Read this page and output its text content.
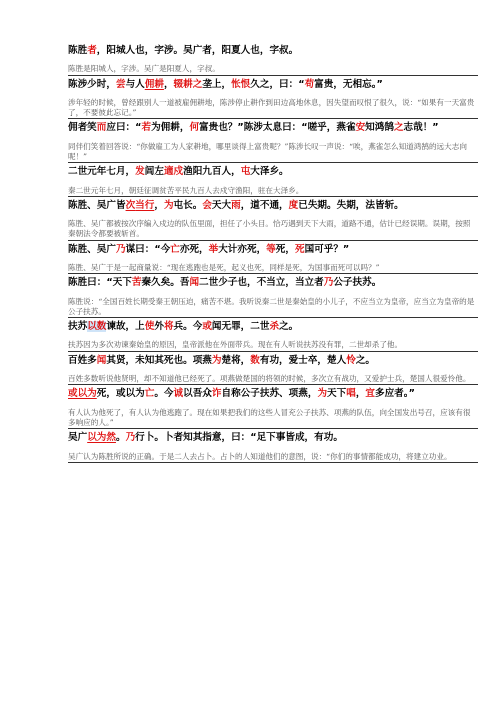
陈胜者，阳城人也，字涉。吴广者，阳夏人也，字叔。
陈胜是阳城人，字涉。吴广是阳夏人，字叔。
陈涉少时，尝与人佣耕，辍耕之垄上，怅恨久之，曰：“苟富贵，无相忘。”
涉年轻的时候，曾经跟别人一道被雇佣耕地，陈涉停止耕作到田边高地休息，因失望而叹恨了很久，说：“如果有一天富贵了，不要彼此忘记。”
佣者笑而应曰：“若为佣耕，何富贵也？”陈涉太息曰：“嗟乎，燕雀安知鸿鹄之志哉！”
同伴们笑着回答说：“你做雇工为人家耕地，哪里谈得上富贵呢？”陈涉长叹一声说：“唉，燕雀怎么知道鸿鹄的远大志向呢！”
二世元年七月，发闾左適戍渔阳九百人，屯大泽乡。
秦二世元年七月，朝廷征调贫苦平民九百人去戍守渔阳，驻在大泽乡。
陈胜、吴广皆次当行，为屯长。会天大雨，道不通，度已失期。失期，法皆斩。
陈胜、吴广都被按次序编入戍边的队伍里面，担任了小头目。恰巧遇到天下大雨，道路不通，估计已经误期。误期，按照秦朝法令都要被斩首。
陈胜、吴广乃谋曰：“今亡亦死，举大计亦死，等死，死国可乎？”
陈胜、吴广于是一起商量说：“现在逃跑也是死，起义也死，同样是死，为国事而死可以吗？”
陈胜曰：“天下苦秦久矣。吾闻二世少子也，不当立，当立者乃公子扶苏。
陈胜说：“全国百姓长期受秦王朝压迫，痛苦不堪。我听说秦二世是秦始皇的小儿子，不应当立为皇帝，应当立为皇帝的是公子扶苏。
扶苏以数谏故，上使外将兵。今或闻无罪，二世杀之。
扶苏因为多次劝谏秦始皇的原因，皇帝派他在外面带兵。现在有人听说扶苏没有罪，二世却杀了他。
百姓多闻其贤，未知其死也。项燕为楚将，数有功，爱士卒，楚人怜之。
百姓多数听说他贤明，却不知道他已经死了。项燕做楚国的将领的时候，多次立有战功，又爱护士兵，楚国人很爱怜他。
或以为死，或以为亡。今诚以吾众诈自称公子扶苏、项燕，为天下唱，宜多应者。”
有人认为他死了，有人认为他逃跑了。现在如果把我们的这些人冒充公子扶苏、项燕的队伍，向全国发出号召，应该有很多响应的人。”
吴广以为然。乃行卜。卜者知其指意，曰：“足下事皆成，有功。
吴广认为陈胜所说的正确。于是二人去占卜。占卜的人知道他们的意图，说：“你们的事情都能成功，将建立功业。
